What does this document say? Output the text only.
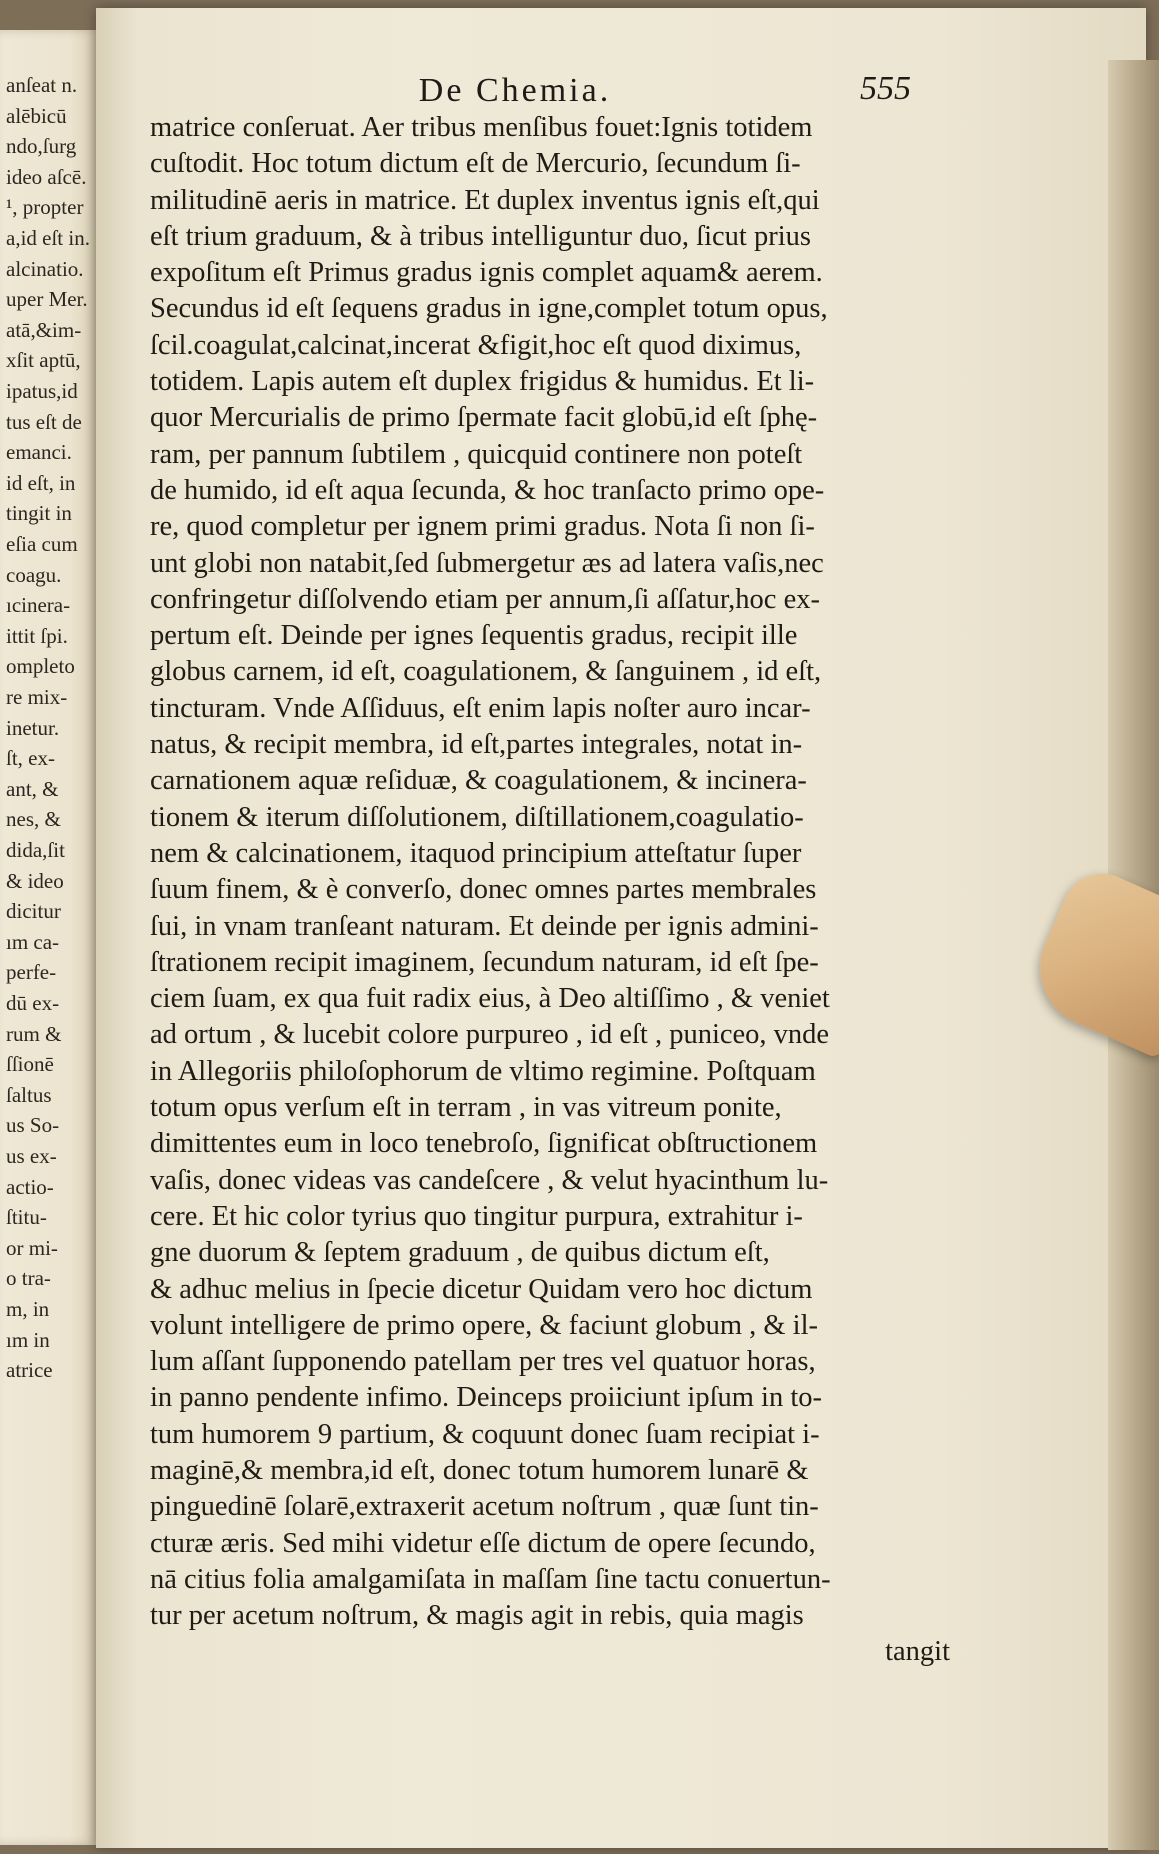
anſeat n.
alēbicū
ndo,ſurg
ideo aſcē.
¹, propter
a,id eſt in.
alcinatio.
uper Mer.
atā,&im-
xſit aptū,
ipatus,id
tus eſt de
emanci.
id eſt, in
tingit in
eſia cum
coagu.
ıcinera-
ittit ſpi.
ompleto
re mix-
inetur.
ſt, ex-
ant, &
nes, &
dida,ſit
& ideo
dicitur
ım ca-
perfe-
dū ex-
rum &
ſſionē
ſaltus
us So-
us ex-
actio-
ſtitu-
or mi-
o tra-
m, in
ım in
atrice
De Chemia.	555
matrice conſeruat. Aer tribus menſibus fouet:Ignis totidem
cuſtodit. Hoc totum dictum eſt de Mercurio, ſecundum ſi-
militudinē aeris in matrice. Et duplex inventus ignis eſt,qui
eſt trium graduum, & à tribus intelliguntur duo, ſicut prius
expoſitum eſt Primus gradus ignis complet aquam& aerem.
Secundus id eſt ſequens gradus in igne,complet totum opus,
ſcil.coagulat,calcinat,incerat &figit,hoc eſt quod diximus,
totidem. Lapis autem eſt duplex frigidus & humidus. Et li-
quor Mercurialis de primo ſpermate facit globū,id eſt ſphę-
ram, per pannum ſubtilem , quicquid continere non poteſt
de humido, id eſt aqua ſecunda, & hoc tranſacto primo ope-
re, quod completur per ignem primi gradus. Nota ſi non ſi-
unt globi non natabit,ſed ſubmergetur æs ad latera vaſis,nec
confringetur diſſolvendo etiam per annum,ſi aſſatur,hoc ex-
pertum eſt. Deinde per ignes ſequentis gradus, recipit ille
globus carnem, id eſt, coagulationem, & ſanguinem , id eſt,
tincturam. Vnde Aſſiduus, eſt enim lapis noſter auro incar-
natus, & recipit membra, id eſt,partes integrales, notat in-
carnationem aquæ reſiduæ, & coagulationem, & incinera-
tionem & iterum diſſolutionem, diſtillationem,coagulatio-
nem & calcinationem, itaquod principium atteſtatur ſuper
ſuum finem, & è converſo, donec omnes partes membrales
ſui, in vnam tranſeant naturam. Et deinde per ignis admini-
ſtrationem recipit imaginem, ſecundum naturam, id eſt ſpe-
ciem ſuam, ex qua fuit radix eius, à Deo altiſſimo , & veniet
ad ortum , & lucebit colore purpureo , id eſt , puniceo, vnde
in Allegoriis philoſophorum de vltimo regimine. Poſtquam
totum opus verſum eſt in terram , in vas vitreum ponite,
dimittentes eum in loco tenebroſo, ſignificat obſtructionem
vaſis, donec videas vas candeſcere , & velut hyacinthum lu-
cere. Et hic color tyrius quo tingitur purpura, extrahitur i-
gne duorum & ſeptem graduum , de quibus dictum eſt,
& adhuc melius in ſpecie dicetur Quidam vero hoc dictum
volunt intelligere de primo opere, & faciunt globum , & il-
lum aſſant ſupponendo patellam per tres vel quatuor horas,
in panno pendente infimo. Deinceps proiiciunt ipſum in to-
tum humorem 9 partium, & coquunt donec ſuam recipiat i-
maginē,& membra,id eſt, donec totum humorem lunarē &
pinguedinē ſolarē,extraxerit acetum noſtrum , quæ ſunt tin-
cturæ æris. Sed mihi videtur eſſe dictum de opere ſecundo,
nā citius folia amalgamiſata in maſſam ſine tactu conuertun-
tur per acetum noſtrum, & magis agit in rebis, quia magis
tangit
